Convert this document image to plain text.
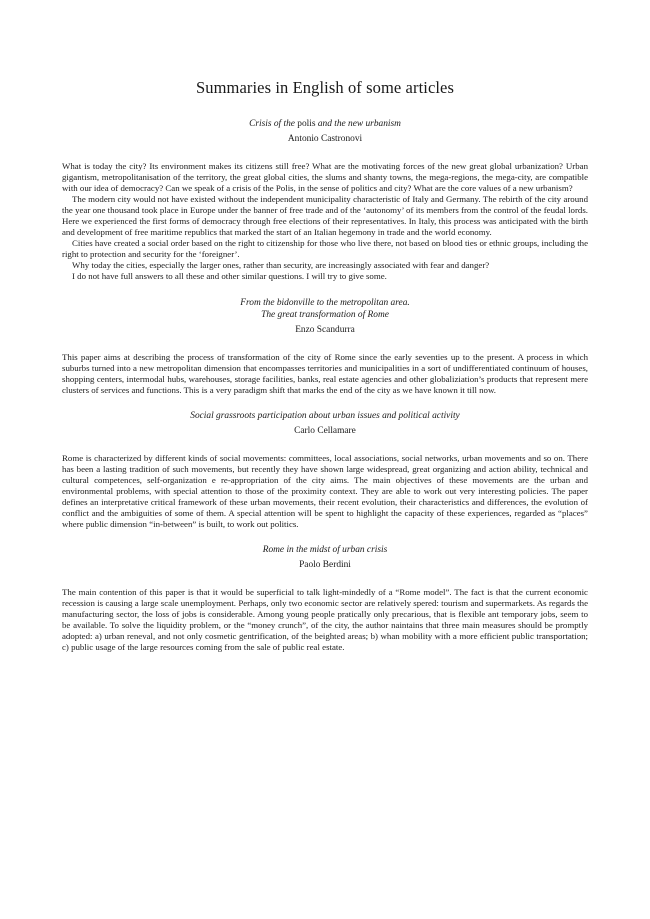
Summaries in English of some articles

Crisis of the polis and the new urbanism

Antonio Castronovi

What is today the city? Its environment makes its citizens still free? What are the motivating forces of the new great global urbanization? Urban gigantism, metropolitanisation of the territory, the great global cities, the slums and shanty towns, the mega-regions, the mega-city, are compatible with our idea of democracy? Can we speak of a crisis of the Polis, in the sense of politics and city? What are the core values of a new urbanism?

The modern city would not have existed without the independent municipality characteristic of Italy and Germany. The rebirth of the city around the year one thousand took place in Europe under the banner of free trade and of the ‘autonomy’ of its members from the control of the feudal lords. Here we experienced the first forms of democracy through free elections of their representatives. In Italy, this process was anticipated with the birth and development of free maritime republics that marked the start of an Italian hegemony in trade and the world economy.

Cities have created a social order based on the right to citizenship for those who live there, not based on blood ties or ethnic groups, including the right to protection and security for the ‘foreigner’.

Why today the cities, especially the larger ones, rather than security, are increasingly associated with fear and danger?

I do not have full answers to all these and other similar questions. I will try to give some.

From the bidonville to the metropolitan area.

The great transformation of Rome

Enzo Scandurra

This paper aims at describing the process of transformation of the city of Rome since the early seventies up to the present. A process in which suburbs turned into a new metropolitan dimension that encompasses territories and municipalities in a sort of undifferentiated continuum of houses, shopping centers, intermodal hubs, warehouses, storage facilities, banks, real estate agencies and other globaliziation’s products that represent mere clusters of services and functions. This is a very paradigm shift that marks the end of the city as we have known it till now.

Social grassroots participation about urban issues and political activity

Carlo Cellamare

Rome is characterized by different kinds of social movements: committees, local associations, social networks, urban movements and so on. There has been a lasting tradition of such movements, but recently they have shown large widespread, great organizing and action ability, technical and cultural competences, self-organization e re-appropriation of the city aims. The main objectives of these movements are the urban and environmental problems, with special attention to those of the proximity context. They are able to work out very interesting policies. The paper defines an interpretative critical framework of these urban movements, their recent evolution, their characteristics and differences, the evolution of conflict and the ambiguities of some of them. A special attention will be spent to highlight the capacity of these experiences, regarded as “places” where public dimension “in-between” is built, to work out politics.

Rome in the midst of urban crisis

Paolo Berdini

The main contention of this paper is that it would be superficial to talk light-mindedly of a “Rome model”. The fact is that the current economic recession is causing a large scale unemployment. Perhaps, only two economic sector are relatively spered: tourism and supermarkets. As regards the manufacturing sector, the loss of jobs is considerable. Among young people pratically only precarious, that is flexible ant temporary jobs, seem to be available. To solve the liquidity problem, or the “money crunch”, of the city, the author naintains that three main measures should be promptly adopted: a) urban reneval, and not only cosmetic gentrification, of the beighted areas; b) whan mobility with a more efficient public transportation; c) public usage of the large resources coming from the sale of public real estate.
